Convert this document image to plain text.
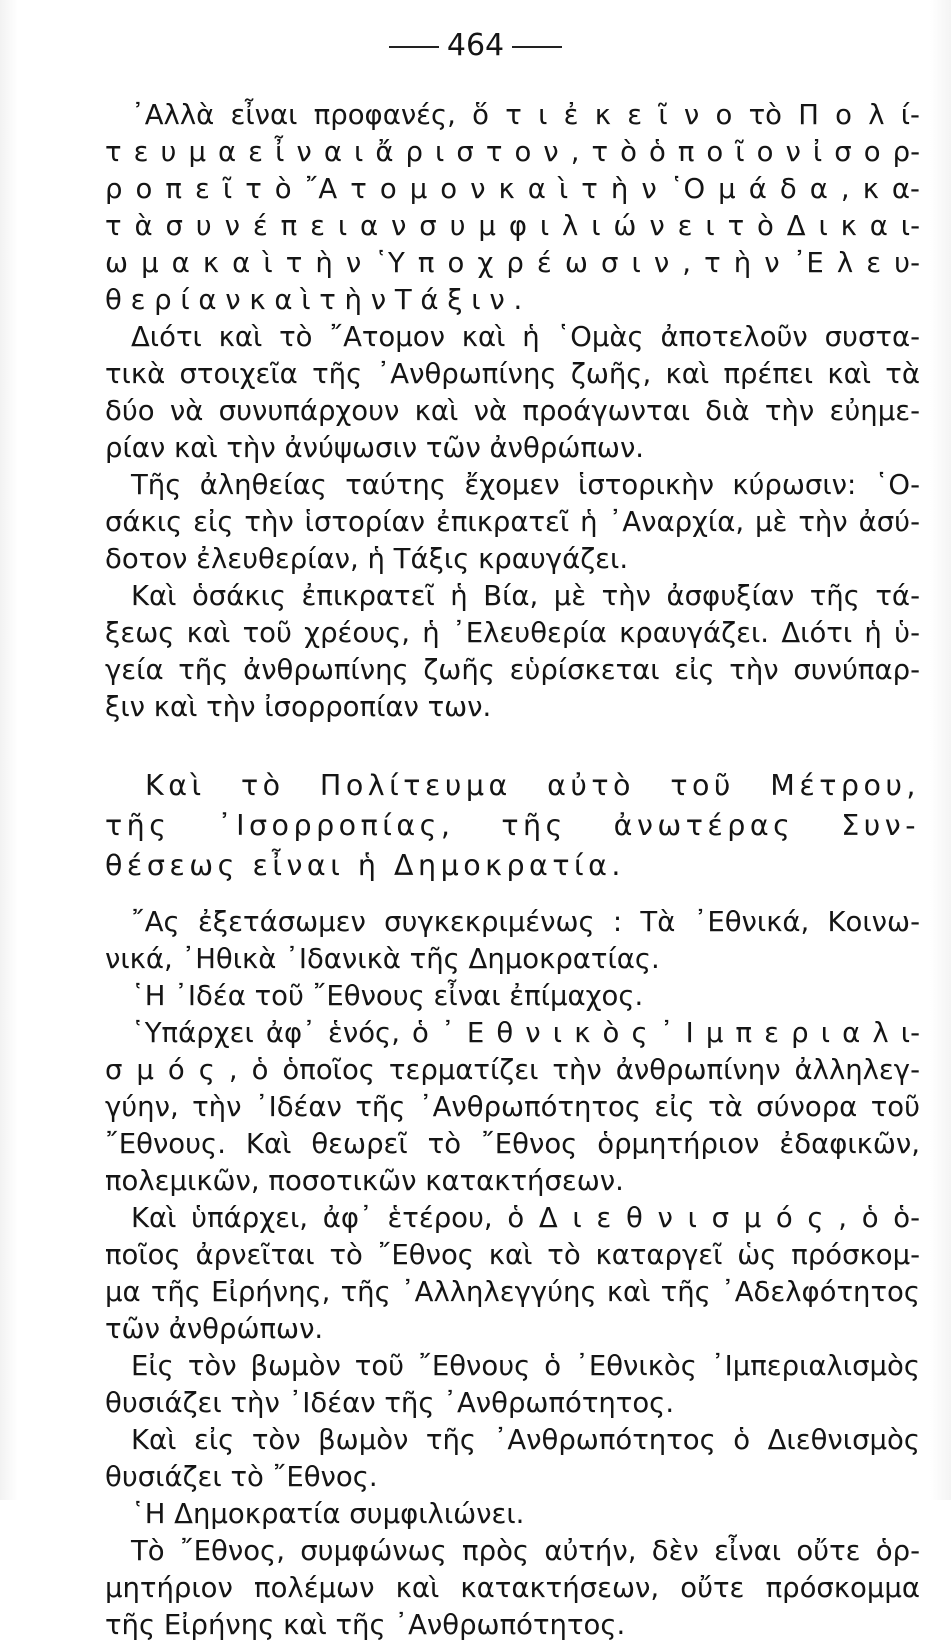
464
᾿Αλλὰ εἶναι προφανές, ὅ τ ι ἐ κ ε ῖ ν ο τὸ Π ο λ ί-
τ ε υ μ α ε ἶ ν α ι ἄ ρ ι σ τ ο ν , τ ὸ ὁ π ο ῖ ο ν ἰ σ ο ρ-
ρ ο π ε ῖ τ ὸ ῎Α τ ο μ ο ν κ α ὶ τ ὴ ν ῾Ο μ ά δ α , κ α-
τ ὰ σ υ ν έ π ε ι α ν σ υ μ φ ι λ ι ώ ν ε ι τ ὸ Δ ι κ α ι-
ω μ α κ α ὶ τ ὴ ν ῾Υ π ο χ ρ έ ω σ ι ν , τ ὴ ν ᾿Ε λ ε υ-
θ ε ρ ί α ν κ α ὶ τ ὴ ν Τ ά ξ ι ν .
Διότι καὶ τὸ ῎Ατομον καὶ ἡ ῾Ομὰς ἀποτελοῦν συστα-
τικὰ στοιχεῖα τῆς ᾿Ανθρωπίνης ζωῆς, καὶ πρέπει καὶ τὰ
δύο νὰ συνυπάρχουν καὶ νὰ προάγωνται διὰ τὴν εὐημε-
ρίαν καὶ τὴν ἀνύψωσιν τῶν ἀνθρώπων.
Τῆς ἀληθείας ταύτης ἔχομεν ἱστορικὴν κύρωσιν: ῾Ο-
σάκις εἰς τὴν ἱστορίαν ἐπικρατεῖ ἡ ᾿Αναρχία, μὲ τὴν ἀσύ-
δοτον ἐλευθερίαν, ἡ Τάξις κραυγάζει.
Καὶ ὁσάκις ἐπικρατεῖ ἡ Βία, μὲ τὴν ἀσφυξίαν τῆς τά-
ξεως καὶ τοῦ χρέους, ἡ ᾿Ελευθερία κραυγάζει. Διότι ἡ ὑ-
γεία τῆς ἀνθρωπίνης ζωῆς εὑρίσκεται εἰς τὴν συνύπαρ-
ξιν καὶ τὴν ἰσορροπίαν των.
Καὶ τὸ Πολίτευμα αὐτὸ τοῦ Μέτρου,
τῆς ᾿Ισορροπίας, τῆς ἀνωτέρας Συν-
θέσεως εἶναι ἡ Δημοκρατία.
῎Ας ἐξετάσωμεν συγκεκριμένως : Τὰ ᾿Εθνικά, Κοινω-
νικά, ᾿Ηθικὰ ᾿Ιδανικὰ τῆς Δημοκρατίας.
῾Η ᾿Ιδέα τοῦ ῎Εθνους εἶναι ἐπίμαχος.
῾Υπάρχει ἀφ᾿ ἑνός, ὁ ᾿ Ε θ ν ι κ ὸ ς ᾿ Ι μ π ε ρ ι α λ ι-
σ μ ό ς , ὁ ὁποῖος τερματίζει τὴν ἀνθρωπίνην ἀλληλεγ-
γύην, τὴν ᾿Ιδέαν τῆς ᾿Ανθρωπότητος εἰς τὰ σύνορα τοῦ
῎Εθνους. Καὶ θεωρεῖ τὸ ῎Εθνος ὁρμητήριον ἐδαφικῶν,
πολεμικῶν, ποσοτικῶν κατακτήσεων.
Καὶ ὑπάρχει, ἀφ᾿ ἑτέρου, ὁ Δ ι ε θ ν ι σ μ ό ς , ὁ ὁ-
ποῖος ἀρνεῖται τὸ ῎Εθνος καὶ τὸ καταργεῖ ὡς πρόσκομ-
μα τῆς Εἰρήνης, τῆς ᾿Αλληλεγγύης καὶ τῆς ᾿Αδελφότητος
τῶν ἀνθρώπων.
Εἰς τὸν βωμὸν τοῦ ῎Εθνους ὁ ᾿Εθνικὸς ᾿Ιμπεριαλισμὸς
θυσιάζει τὴν ᾿Ιδέαν τῆς ᾿Ανθρωπότητος.
Καὶ εἰς τὸν βωμὸν τῆς ᾿Ανθρωπότητος ὁ Διεθνισμὸς
θυσιάζει τὸ ῎Εθνος.
῾Η Δημοκρατία συμφιλιώνει.
Τὸ ῎Εθνος, συμφώνως πρὸς αὐτήν, δὲν εἶναι οὔτε ὁρ-
μητήριον πολέμων καὶ κατακτήσεων, οὔτε πρόσκομμα
τῆς Εἰρήνης καὶ τῆς ᾿Ανθρωπότητος.
